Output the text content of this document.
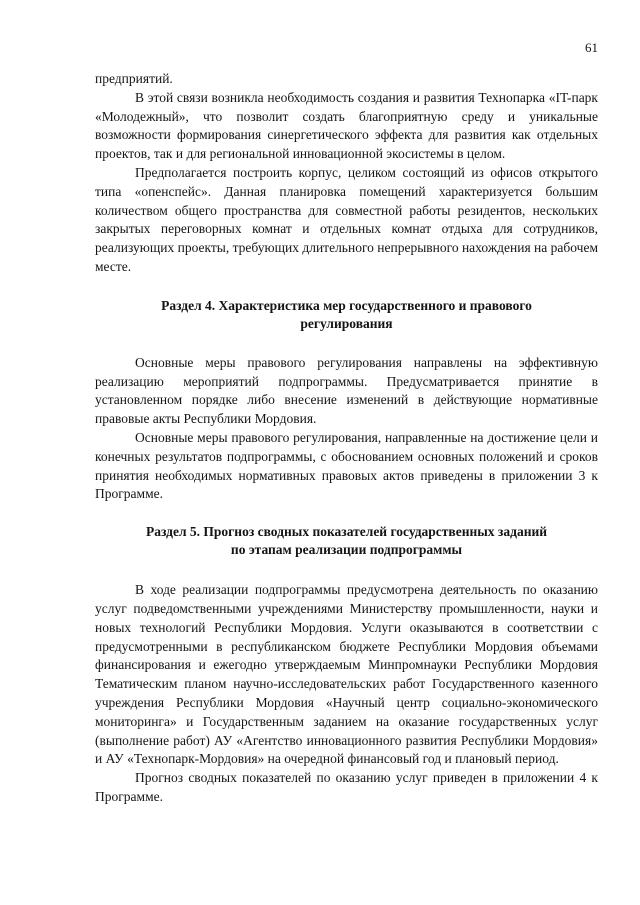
61

предприятий.

В этой связи возникла необходимость создания и развития Технопарка «IT-парк «Молодежный», что позволит создать благоприятную среду и уникальные возможности формирования синергетического эффекта для развития как отдельных проектов, так и для региональной инновационной экосистемы в целом.

Предполагается построить корпус, целиком состоящий из офисов открытого типа «опенспейс». Данная планировка помещений характеризуется большим количеством общего пространства для совместной работы резидентов, нескольких закрытых переговорных комнат и отдельных комнат отдыха для сотрудников, реализующих проекты, требующих длительного непрерывного нахождения на рабочем месте.

Раздел 4. Характеристика мер государственного и правового
регулирования

Основные меры правового регулирования направлены на эффективную реализацию мероприятий подпрограммы. Предусматривается принятие в установленном порядке либо внесение изменений в действующие нормативные правовые акты Республики Мордовия.

Основные меры правового регулирования, направленные на достижение цели и конечных результатов подпрограммы, с обоснованием основных положений и сроков принятия необходимых нормативных правовых актов приведены в приложении 3 к Программе.

Раздел 5. Прогноз сводных показателей государственных заданий
по этапам реализации подпрограммы

В ходе реализации подпрограммы предусмотрена деятельность по оказанию услуг подведомственными учреждениями Министерству промышленности, науки и новых технологий Республики Мордовия. Услуги оказываются в соответствии с предусмотренными в республиканском бюджете Республики Мордовия объемами финансирования и ежегодно утверждаемым Минпромнауки Республики Мордовия Тематическим планом научно-исследовательских работ Государственного казенного учреждения Республики Мордовия «Научный центр социально-экономического мониторинга» и Государственным заданием на оказание государственных услуг (выполнение работ) АУ «Агентство инновационного развития Республики Мордовия» и АУ «Технопарк-Мордовия» на очередной финансовый год и плановый период.

Прогноз сводных показателей по оказанию услуг приведен в приложении 4 к Программе.
